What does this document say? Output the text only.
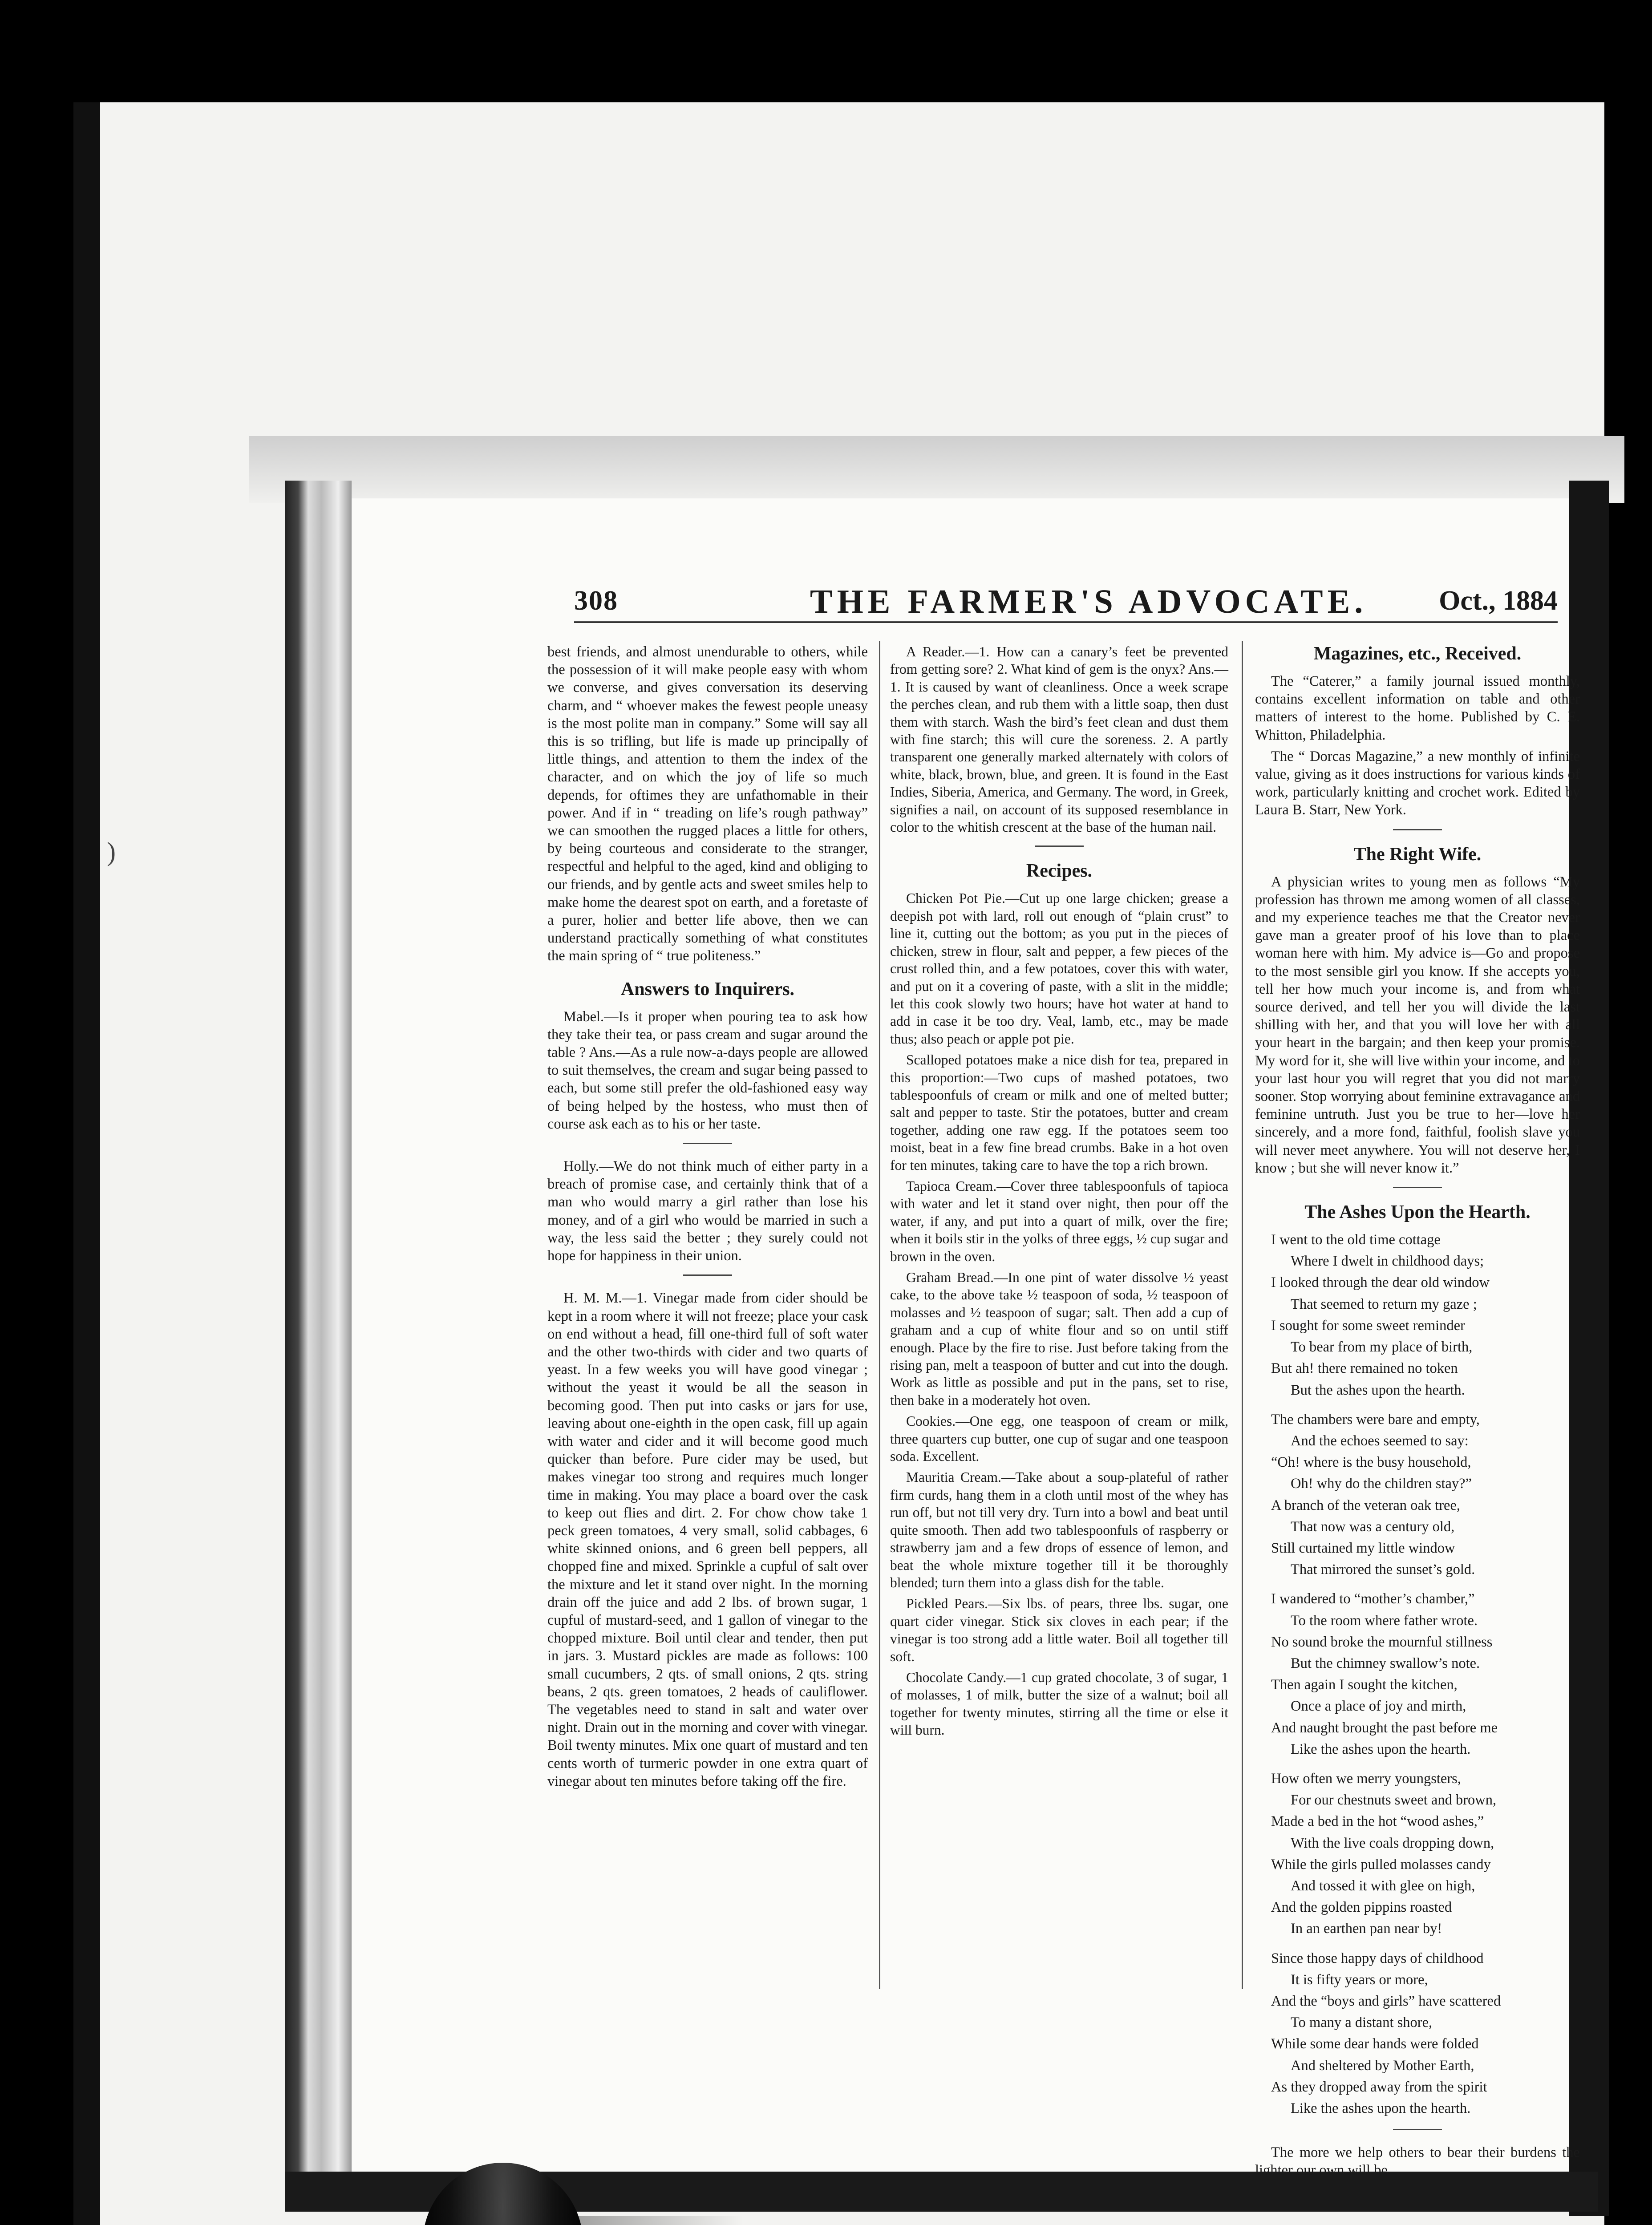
)
308	THE FARMER'S ADVOCATE.	Oct., 1884

best friends, and almost unendurable to others, while the possession of it will make people easy with whom we converse, and gives conversation its deserving charm, and “ whoever makes the fewest people uneasy is the most polite man in company.” Some will say all this is so trifling, but life is made up principally of little things, and attention to them the index of the character, and on which the joy of life so much depends, for oftimes they are unfathomable in their power. And if in “ treading on life’s rough pathway” we can smoothen the rugged places a little for others, by being courteous and considerate to the stranger, respectful and helpful to the aged, kind and obliging to our friends, and by gentle acts and sweet smiles help to make home the dearest spot on earth, and a foretaste of a purer, holier and better life above, then we can understand practically something of what constitutes the main spring of “ true politeness.”

Answers to Inquirers.

Mabel.—Is it proper when pouring tea to ask how they take their tea, or pass cream and sugar around the table ? Ans.—As a rule now-a-days people are allowed to suit themselves, the cream and sugar being passed to each, but some still prefer the old-fashioned easy way of being helped by the hostess, who must then of course ask each as to his or her taste.

Holly.—We do not think much of either party in a breach of promise case, and certainly think that of a man who would marry a girl rather than lose his money, and of a girl who would be married in such a way, the less said the better ; they surely could not hope for happiness in their union.

H. M. M.—1. Vinegar made from cider should be kept in a room where it will not freeze; place your cask on end without a head, fill one-third full of soft water and the other two-thirds with cider and two quarts of yeast. In a few weeks you will have good vinegar ; without the yeast it would be all the season in becoming good. Then put into casks or jars for use, leaving about one-eighth in the open cask, fill up again with water and cider and it will become good much quicker than before. Pure cider may be used, but makes vinegar too strong and requires much longer time in making. You may place a board over the cask to keep out flies and dirt. 2. For chow chow take 1 peck green tomatoes, 4 very small, solid cabbages, 6 white skinned onions, and 6 green bell peppers, all chopped fine and mixed. Sprinkle a cupful of salt over the mixture and let it stand over night. In the morning drain off the juice and add 2 lbs. of brown sugar, 1 cupful of mustard-seed, and 1 gallon of vinegar to the chopped mixture. Boil until clear and tender, then put in jars. 3. Mustard pickles are made as follows: 100 small cucumbers, 2 qts. of small onions, 2 qts. string beans, 2 qts. green tomatoes, 2 heads of cauliflower. The vegetables need to stand in salt and water over night. Drain out in the morning and cover with vinegar. Boil twenty minutes. Mix one quart of mustard and ten cents worth of turmeric powder in one extra quart of vinegar about ten minutes before taking off the fire.

A Reader.—1. How can a canary’s feet be prevented from getting sore? 2. What kind of gem is the onyx? Ans.—1. It is caused by want of cleanliness. Once a week scrape the perches clean, and rub them with a little soap, then dust them with starch. Wash the bird’s feet clean and dust them with fine starch; this will cure the soreness. 2. A partly transparent one generally marked alternately with colors of white, black, brown, blue, and green. It is found in the East Indies, Siberia, America, and Germany. The word, in Greek, signifies a nail, on account of its supposed resemblance in color to the whitish crescent at the base of the human nail.

Recipes.

Chicken Pot Pie.—Cut up one large chicken; grease a deepish pot with lard, roll out enough of “plain crust” to line it, cutting out the bottom; as you put in the pieces of chicken, strew in flour, salt and pepper, a few pieces of the crust rolled thin, and a few potatoes, cover this with water, and put on it a covering of paste, with a slit in the middle; let this cook slowly two hours; have hot water at hand to add in case it be too dry. Veal, lamb, etc., may be made thus; also peach or apple pot pie.

Scalloped potatoes make a nice dish for tea, prepared in this proportion:—Two cups of mashed potatoes, two tablespoonfuls of cream or milk and one of melted butter; salt and pepper to taste. Stir the potatoes, butter and cream together, adding one raw egg. If the potatoes seem too moist, beat in a few fine bread crumbs. Bake in a hot oven for ten minutes, taking care to have the top a rich brown.

Tapioca Cream.—Cover three tablespoonfuls of tapioca with water and let it stand over night, then pour off the water, if any, and put into a quart of milk, over the fire; when it boils stir in the yolks of three eggs, ½ cup sugar and brown in the oven.

Graham Bread.—In one pint of water dissolve ½ yeast cake, to the above take ½ teaspoon of soda, ½ teaspoon of molasses and ½ teaspoon of sugar; salt. Then add a cup of graham and a cup of white flour and so on until stiff enough. Place by the fire to rise. Just before taking from the rising pan, melt a teaspoon of butter and cut into the dough. Work as little as possible and put in the pans, set to rise, then bake in a moderately hot oven.

Cookies.—One egg, one teaspoon of cream or milk, three quarters cup butter, one cup of sugar and one teaspoon soda. Excellent.

Mauritia Cream.—Take about a soup-plateful of rather firm curds, hang them in a cloth until most of the whey has run off, but not till very dry. Turn into a bowl and beat until quite smooth. Then add two tablespoonfuls of raspberry or strawberry jam and a few drops of essence of lemon, and beat the whole mixture together till it be thoroughly blended; turn them into a glass dish for the table.

Pickled Pears.—Six lbs. of pears, three lbs. sugar, one quart cider vinegar. Stick six cloves in each pear; if the vinegar is too strong add a little water. Boil all together till soft.

Chocolate Candy.—1 cup grated chocolate, 3 of sugar, 1 of molasses, 1 of milk, butter the size of a walnut; boil all together for twenty minutes, stirring all the time or else it will burn.

Magazines, etc., Received.

The “Caterer,” a family journal issued monthly, contains excellent information on table and other matters of interest to the home. Published by C. E. Whitton, Philadelphia.

The “ Dorcas Magazine,” a new monthly of infinite value, giving as it does instructions for various kinds of work, particularly knitting and crochet work. Edited by Laura B. Starr, New York.

The Right Wife.

A physician writes to young men as follows “My profession has thrown me among women of all classes, and my experience teaches me that the Creator never gave man a greater proof of his love than to place woman here with him. My advice is—Go and propose to the most sensible girl you know. If she accepts you, tell her how much your income is, and from what source derived, and tell her you will divide the last shilling with her, and that you will love her with all your heart in the bargain; and then keep your promise. My word for it, she will live within your income, and to your last hour you will regret that you did not marry sooner. Stop worrying about feminine extravagance and feminine untruth. Just you be true to her—love her sincerely, and a more fond, faithful, foolish slave you will never meet anywhere. You will not deserve her, I know ; but she will never know it.”

The Ashes Upon the Hearth.

I went to the old time cottage

Where I dwelt in childhood days;

I looked through the dear old window

That seemed to return my gaze ;

I sought for some sweet reminder

To bear from my place of birth,

But ah! there remained no token

But the ashes upon the hearth.

The chambers were bare and empty,

And the echoes seemed to say:

“Oh! where is the busy household,

Oh! why do the children stay?”

A branch of the veteran oak tree,

That now was a century old,

Still curtained my little window

That mirrored the sunset’s gold.

I wandered to “mother’s chamber,”

To the room where father wrote.

No sound broke the mournful stillness

But the chimney swallow’s note.

Then again I sought the kitchen,

Once a place of joy and mirth,

And naught brought the past before me

Like the ashes upon the hearth.

How often we merry youngsters,

For our chestnuts sweet and brown,

Made a bed in the hot “wood ashes,”

With the live coals dropping down,

While the girls pulled molasses candy

And tossed it with glee on high,

And the golden pippins roasted

In an earthen pan near by!

Since those happy days of childhood

It is fifty years or more,

And the “boys and girls” have scattered

To many a distant shore,

While some dear hands were folded

And sheltered by Mother Earth,

As they dropped away from the spirit

Like the ashes upon the hearth.

The more we help others to bear their burdens the lighter our own will be.
